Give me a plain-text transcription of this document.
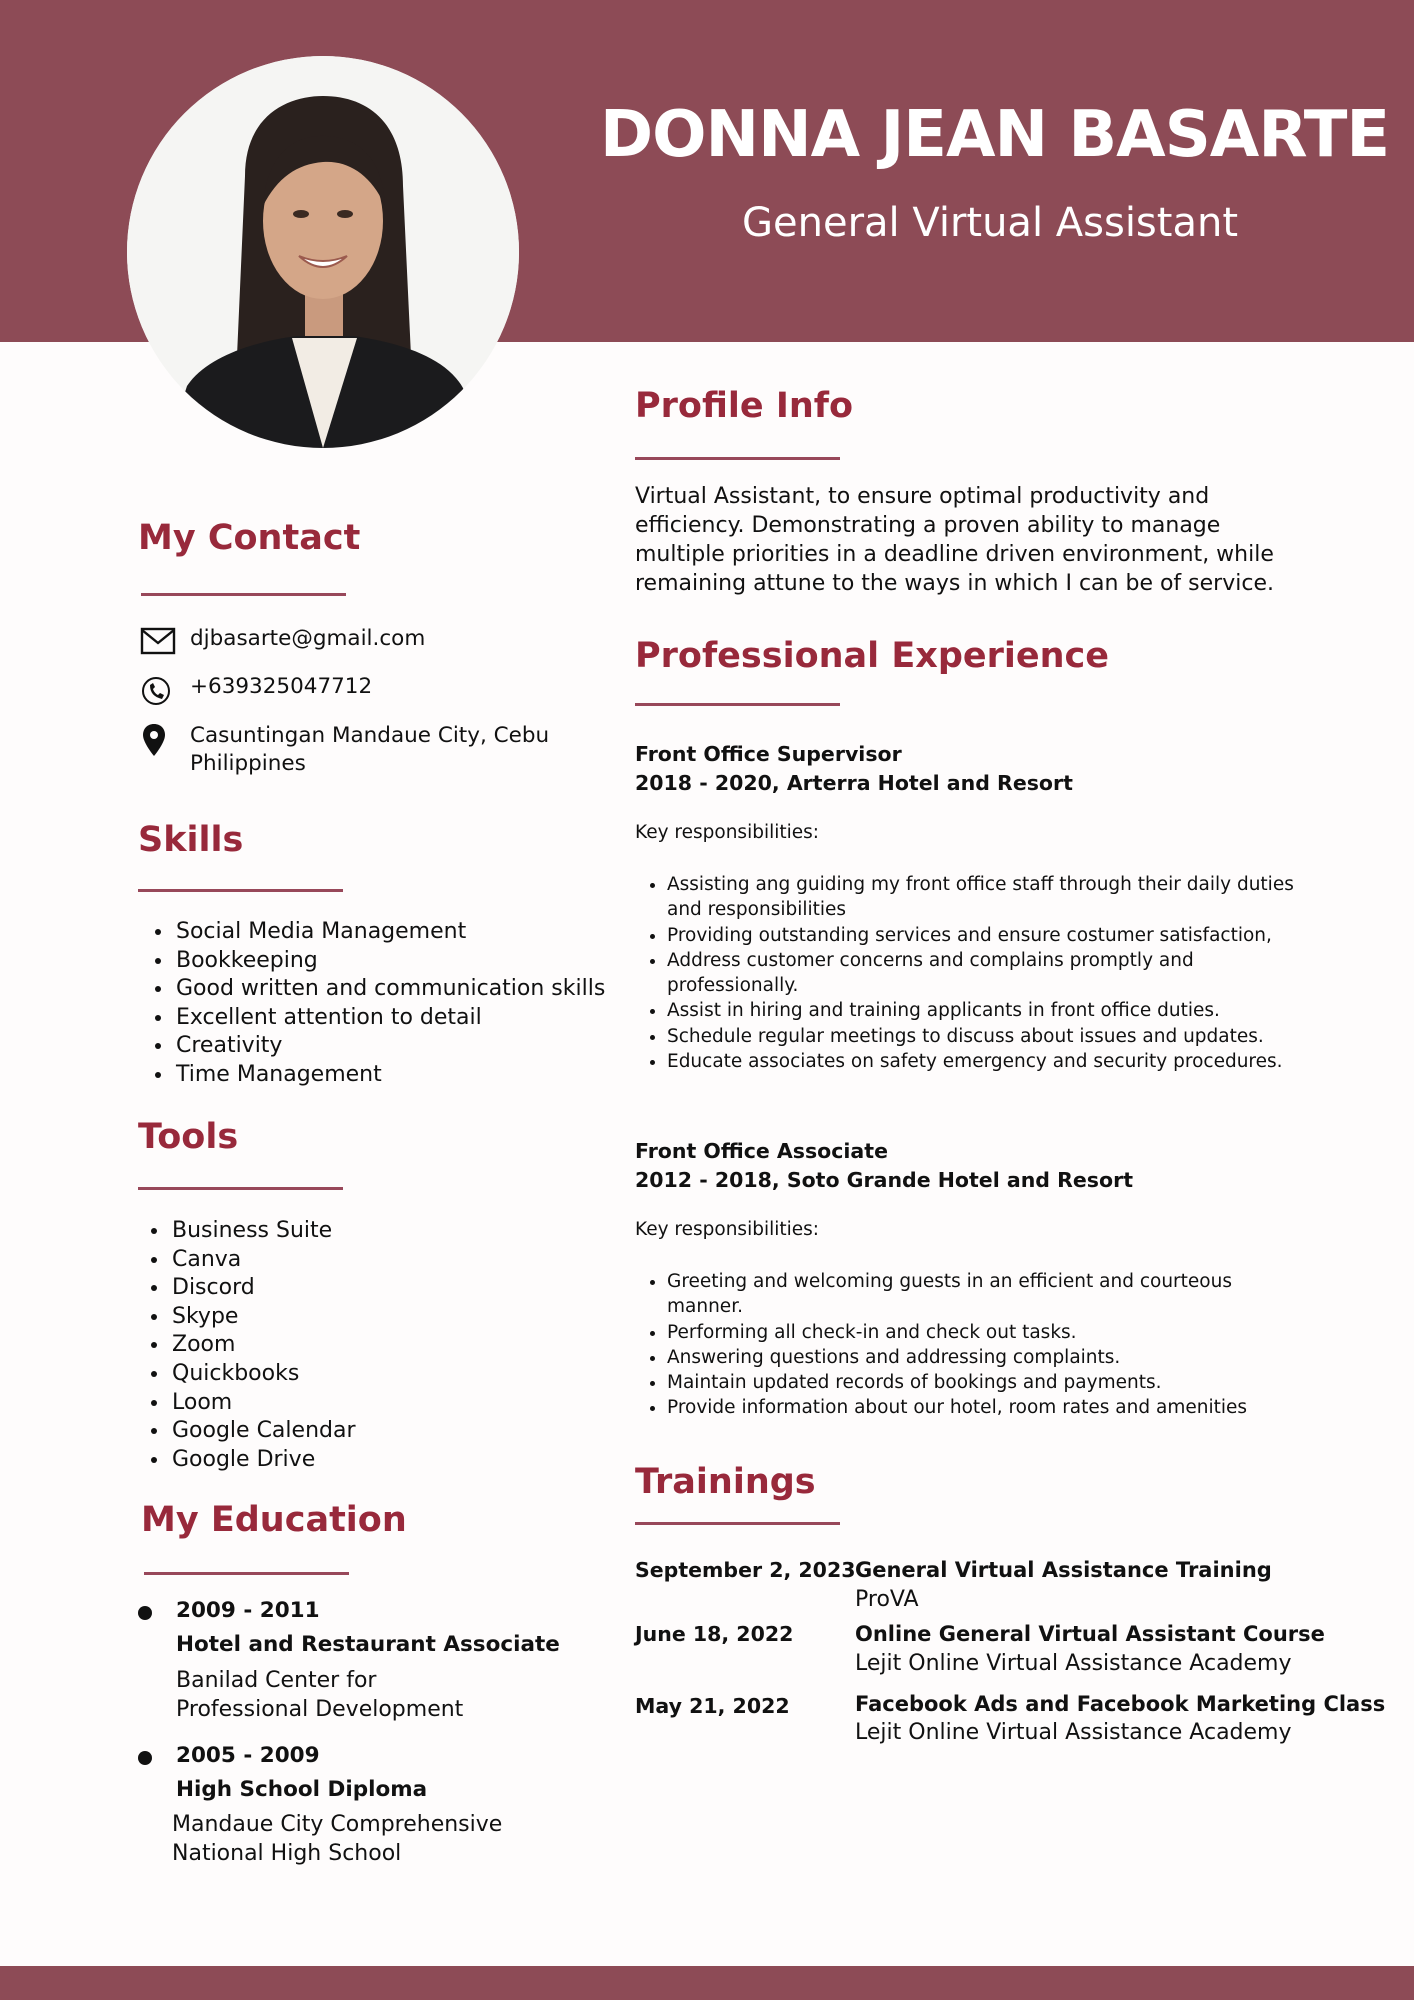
DONNA JEAN BASARTE
General Virtual Assistant
My Contact
djbasarte@gmail.com
+639325047712
Casuntingan Mandaue City, Cebu
Philippines
Skills
• Social Media Management
• Bookkeeping
• Good written and communication skills
• Excellent attention to detail
• Creativity
• Time Management
Tools
• Business Suite
• Canva
• Discord
• Skype
• Zoom
• Quickbooks
• Loom
• Google Calendar
• Google Drive
My Education
2009 - 2011
Hotel and Restaurant Associate
Banilad Center for
Professional Development
2005 - 2009
High School Diploma
Mandaue City Comprehensive
National High School
Profile Info
Virtual Assistant, to ensure optimal productivity and
efficiency. Demonstrating a proven ability to manage
multiple priorities in a deadline driven environment, while
remaining attune to the ways in which I can be of service.
Professional Experience
Front Office Supervisor
2018 - 2020, Arterra Hotel and Resort
Key responsibilities:
• Assisting ang guiding my front office staff through their daily duties and responsibilities
• Providing outstanding services and ensure costumer satisfaction,
• Address customer concerns and complains promptly and professionally.
• Assist in hiring and training applicants in front office duties.
• Schedule regular meetings to discuss about issues and updates.
• Educate associates on safety emergency and security procedures.
Front Office Associate
2012 - 2018, Soto Grande Hotel and Resort
Key responsibilities:
• Greeting and welcoming guests in an efficient and courteous manner.
• Performing all check-in and check out tasks.
• Answering questions and addressing complaints.
• Maintain updated records of bookings and payments.
• Provide information about our hotel, room rates and amenities
Trainings
September 2, 2023 General Virtual Assistance Training
ProVA
June 18, 2022	Online General Virtual Assistant Course
Lejit Online Virtual Assistance Academy
May 21, 2022	Facebook Ads and Facebook Marketing Class
Lejit Online Virtual Assistance Academy
